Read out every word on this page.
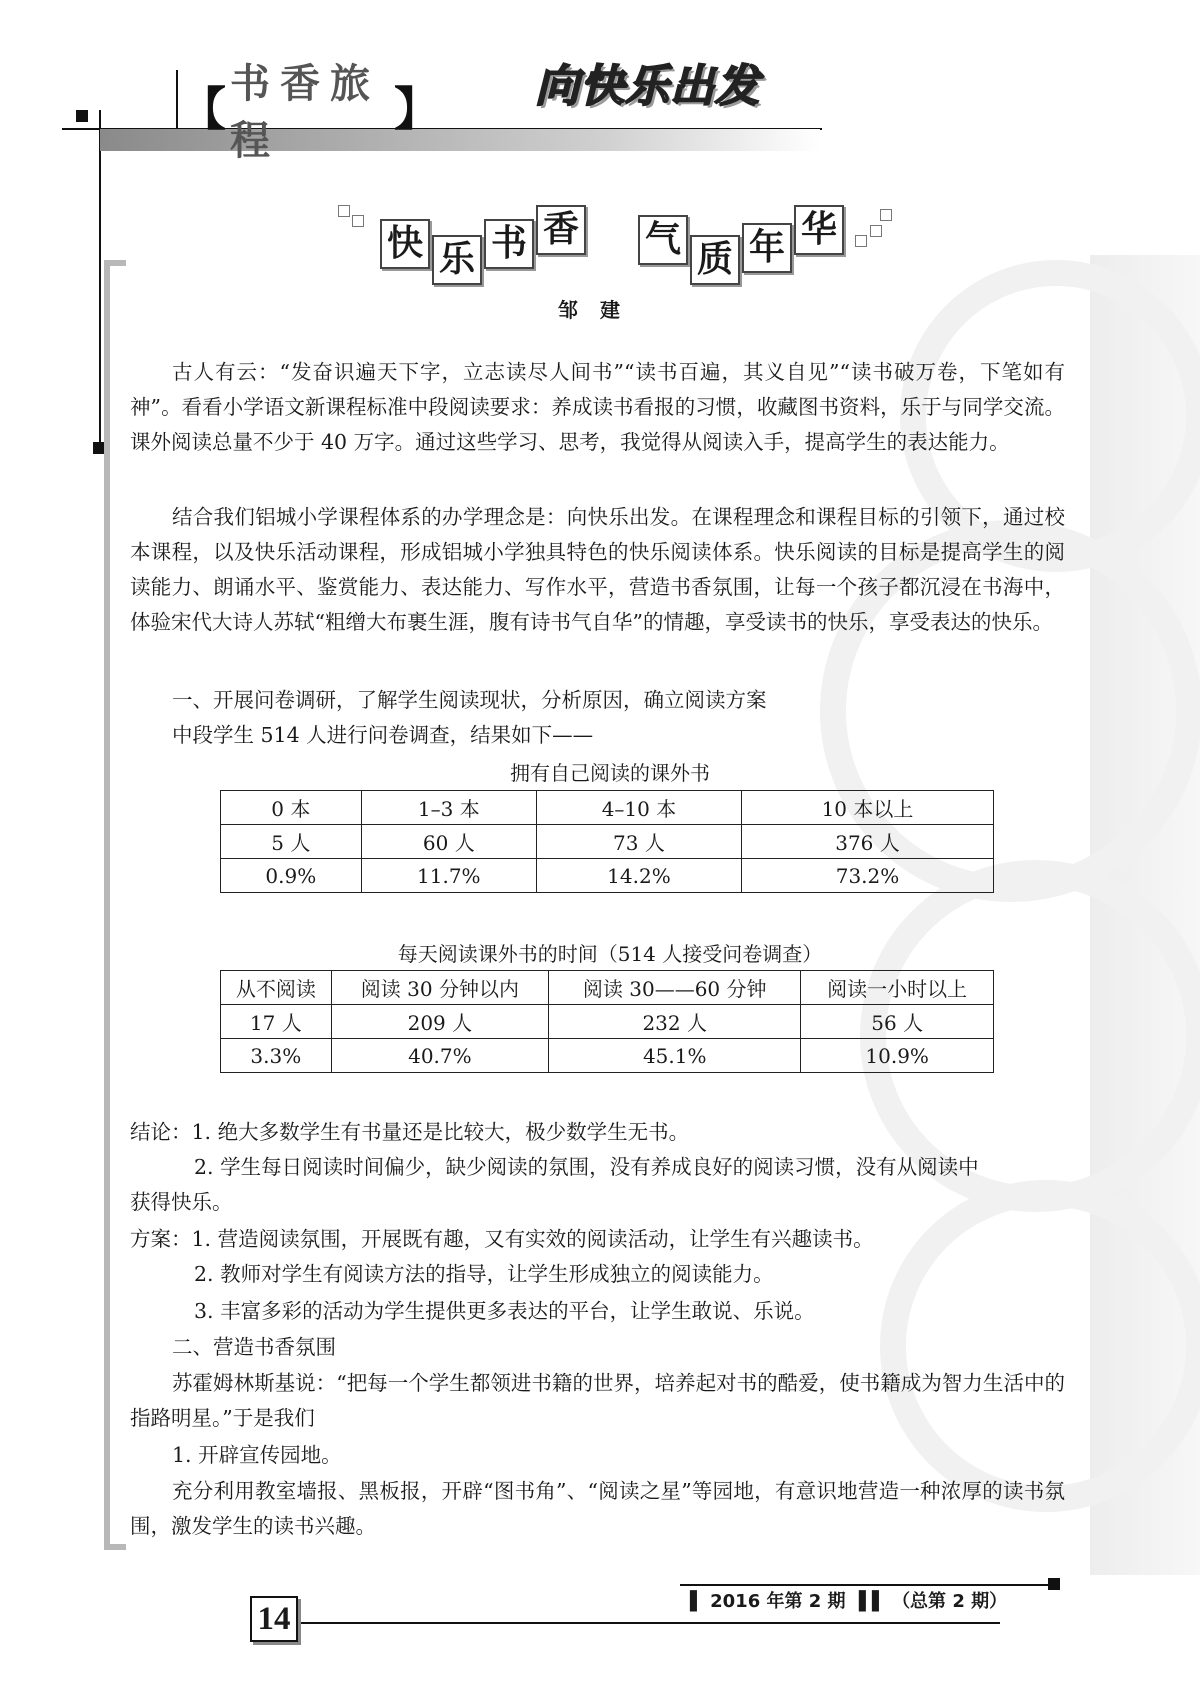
【 书香旅程
】 向快乐出发
快 乐 书 香 气 质 年 华
邹建

古人有云：“发奋识遍天下字，立志读尽人间书”“读书百遍，其义自见”“读书破万卷，下笔如有神”。看看小学语文新课程标准中段阅读要求：养成读书看报的习惯，收藏图书资料，乐于与同学交流。课外阅读总量不少于 40 万字。通过这些学习、思考，我觉得从阅读入手，提高学生的表达能力。

结合我们铝城小学课程体系的办学理念是：向快乐出发。在课程理念和课程目标的引领下，通过校本课程，以及快乐活动课程，形成铝城小学独具特色的快乐阅读体系。快乐阅读的目标是提高学生的阅读能力、朗诵水平、鉴赏能力、表达能力、写作水平，营造书香氛围，让每一个孩子都沉浸在书海中，体验宋代大诗人苏轼“粗缯大布裹生涯，腹有诗书气自华”的情趣，享受读书的快乐，享受表达的快乐。

一、开展问卷调研，了解学生阅读现状，分析原因，确立阅读方案

中段学生 514 人进行问卷调查，结果如下——

拥有自己阅读的课外书
0 本	1–3 本	4–10 本	10 本以上
5 人	60 人	73 人	376 人
0.9%	11.7%	14.2%	73.2%
每天阅读课外书的时间（514 人接受问卷调查）
从不阅读	阅读 30 分钟以内	阅读 30——60 分钟	阅读一小时以上
17 人	209 人	232 人	56 人
3.3%	40.7%	45.1%	10.9%

结论：1. 绝大多数学生有书量还是比较大，极少数学生无书。

2. 学生每日阅读时间偏少，缺少阅读的氛围，没有养成良好的阅读习惯，没有从阅读中

获得快乐。

方案：1. 营造阅读氛围，开展既有趣，又有实效的阅读活动，让学生有兴趣读书。

2. 教师对学生有阅读方法的指导，让学生形成独立的阅读能力。

3. 丰富多彩的活动为学生提供更多表达的平台，让学生敢说、乐说。

二、营造书香氛围

苏霍姆林斯基说：“把每一个学生都领进书籍的世界，培养起对书的酷爱，使书籍成为智力生活中的指路明星。”于是我们

1. 开辟宣传园地。

充分利用教室墙报、黑板报，开辟“图书角”、“阅读之星”等园地，有意识地营造一种浓厚的读书氛围，激发学生的读书兴趣。

14	▌ 2016 年第 2 期 ▐ ▌ （总第 2 期）
